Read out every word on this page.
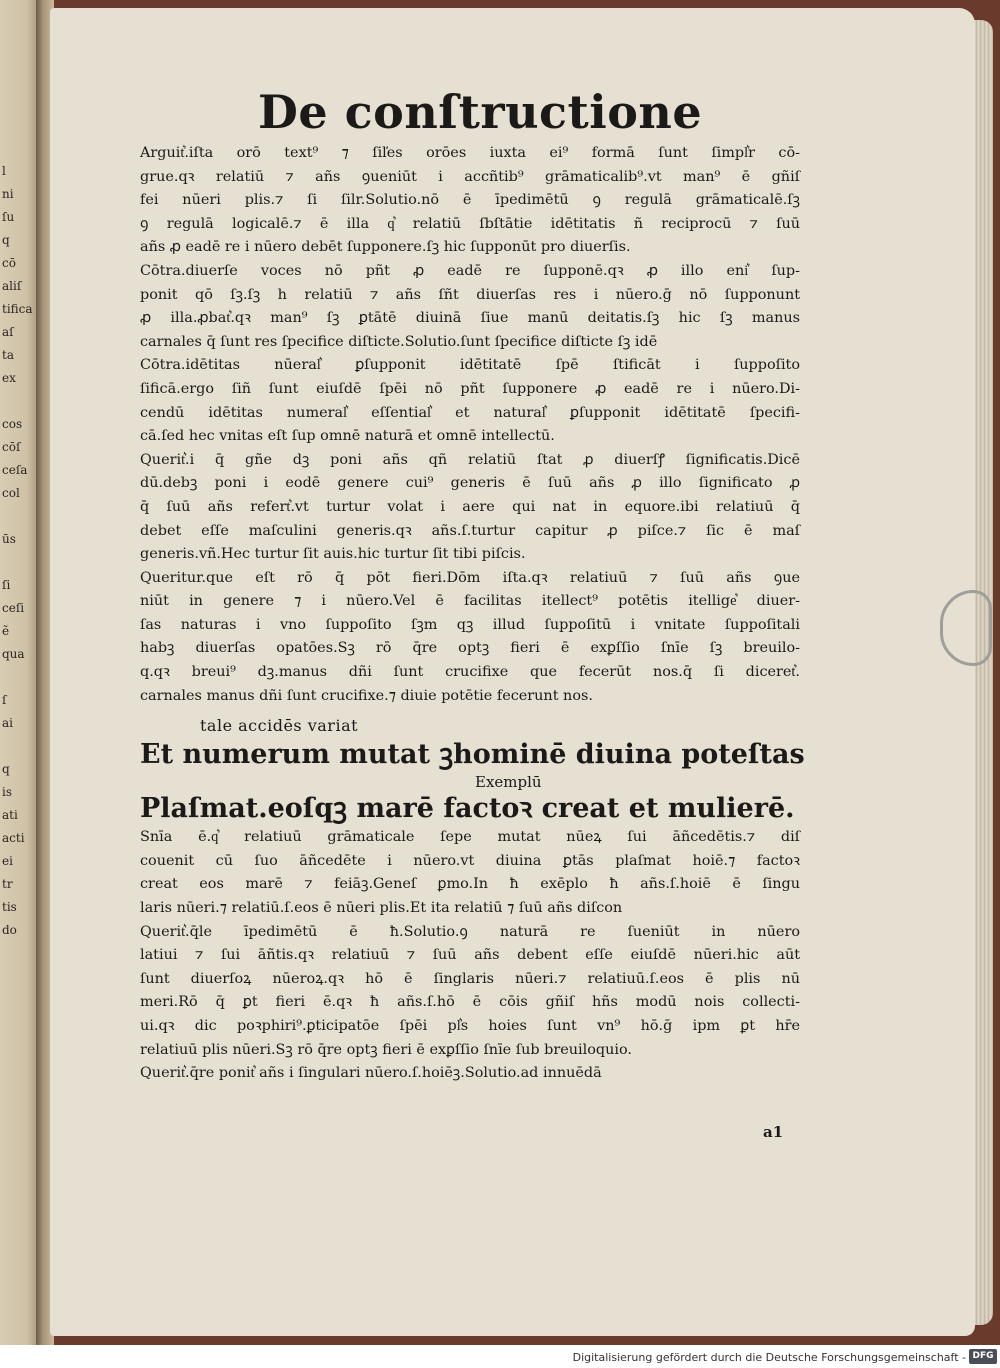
l
ni
ſu
q
cō
aliſ
tifica
aſ
ta
ex

cos
cōſ
ceſa
col

ūs

ſi
ceſi
ẽ
qua

ſ
ai

q
is
ati
acti
ei
tr
tis
do
De conſtructione

Arguit͛.iſta orō text⁹ ⁊ ſiľes orōes iuxta ei⁹ formā ſunt ſimpl͛r cō-

grue.qꝛ relatiū ⁊ añs ꝯueniūt i accñtib⁹ grāmaticalib⁹.vt man⁹ ē gñiſ

fei nūeri plis.⁊ ſi ſilr.Solutio.nō ē īpedimētū ꝯ regulā grāmaticalē.ſꝫ

ꝯ regulā logicalē.⁊ ē illa q͛ relatiū ſbſtātie idētitatis ñ reciprocū ⁊ ſuū

añs ꝓ eadē re i nūero debēt ſupponere.ſꝫ hic ſupponūt pro diuerſis.

Cōtra.diuerſe voces nō pñt ꝓ eadē re ſupponē.qꝛ ꝓ illo eni͛ ſup-

ponit qō ſꝫ.ſꝫ h relatiū ⁊ añs ſñt diuerſas res i nūero.ḡ nō ſupponunt

ꝓ illa.ꝓbat͛.qꝛ man⁹ ſꝫ ꝑtātē diuinā ſiue manū deitatis.ſꝫ hic ſꝫ manus

carnales q̄ ſunt res ſpecifice diſticte.Solutio.ſunt ſpecifice diſticte ſꝫ idē

Cōtra.idētitas nūeral͛ ꝑſupponit idētitatē ſpē ſtificāt i ſuppoſito

ſificā.ergo ſiñ ſunt eiuſdē ſpēi nō pñt ſupponere ꝓ eadē re i nūero.Di-

cendū idētitas numeral͛ eſſential͛ et natural͛ ꝑſupponit idētitatē ſpecifi-

cā.ſed hec vnitas eſt ſup omnē naturā et omnē intellectū.

Querit͛.i q̄ gñe dꝫ poni añs qñ relatiū ſtat ꝓ diuerſꝭ ſignificatis.Dicē

dū.debꝫ poni i eodē genere cui⁹ generis ē ſuū añs ꝓ illo ſignificato ꝓ

q̄ ſuū añs refert͛.vt turtur volat i aere qui nat in equore.ibi relatiuū q̄

debet eſſe maſculini generis.qꝛ añs.ſ.turtur capitur ꝓ piſce.⁊ ſic ē maſ

generis.vñ.Hec turtur ſit auis.hic turtur ſit tibi piſcis.

Queritur.que eſt rō q̄ pōt fieri.Dōm iſta.qꝛ relatiuū ⁊ ſuū añs ꝯue

niūt in genere ⁊ i nūero.Vel ē facilitas itellect⁹ potētis itellige͛ diuer-

ſas naturas i vno ſuppoſito ſꝫm qꝫ illud ſuppoſitū i vnitate ſuppoſitali

habꝫ diuerſas opatōes.Sꝫ rō q̄re optꝫ fieri ē exꝑſſio ſnīe ſꝫ breuilo-

q.qꝛ breui⁹ dꝫ.manus dñi ſunt crucifixe que fecerūt nos.q̄ ſi diceret͛.

carnales manus dñi ſunt crucifixe.⁊ diuie potētie fecerunt nos.

tale accidēs variat
Et numerum mutat ꝫhominē diuina poteſtas
Exemplū
Plaſmat.eoſqꝫ marē factoꝛ creat et mulierē.

Snīa ē.q͛ relatiuū grāmaticale ſepe mutat nūeꝝ ſui āñcedētis.⁊ diſ

couenit cū ſuo āñcedēte i nūero.vt diuina ꝑtās plaſmat hoiē.⁊ factoꝛ

creat eos marē ⁊ feiāꝫ.Geneſ ꝑmo.In ħ exēplo ħ añs.ſ.hoiē ē ſingu

laris nūeri.⁊ relatiū.ſ.eos ē nūeri plis.Et ita relatiū ⁊ ſuū añs diſcon

Querit͛.q̄le īpedimētū ē ħ.Solutio.ꝯ naturā re ſueniūt in nūero

latiui ⁊ ſui āñtis.qꝛ relatiuū ⁊ ſuū añs debent eſſe eiuſdē nūeri.hic aūt

ſunt diuerſoꝝ nūeroꝝ.qꝛ hō ē ſinglaris nūeri.⁊ relatiuū.ſ.eos ē plis nū

meri.Rō q̄ ꝑt fieri ē.qꝛ ħ añs.ſ.hō ē cōis gñiſ hñs modū nois collecti-

ui.qꝛ dic poꝛphiri⁹.ꝑticipatōe ſpēi pl͛s hoies ſunt vn⁹ hō.ḡ ipm ꝑt hr̄e

relatiuū plis nūeri.Sꝫ rō q̄re optꝫ fieri ē exꝑſſio ſnīe ſub breuiloquio.

Querit͛.q̄re ponit͛ añs i ſingulari nūero.ſ.hoiēꝫ.Solutio.ad innuēdā

a1
Digitalisierung gefördert durch die Deutsche Forschungsgemeinschaft - DFG
